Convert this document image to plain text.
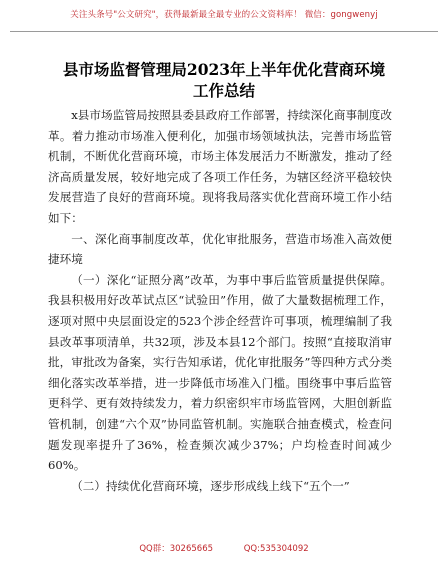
关注头条号"公文研究"，获得最新最全最专业的公文资料库！ 微信：gongwenyj
县市场监督管理局2023年上半年优化营商环境
工作总结

x县市场监管局按照县委县政府工作部署，持续深化商事制度改革。着力推动市场准入便利化，加强市场领域执法，完善市场监管机制，不断优化营商环境，市场主体发展活力不断激发，推动了经济高质量发展，较好地完成了各项工作任务，为辖区经济平稳较快发展营造了良好的营商环境。现将我局落实优化营商环境工作小结如下：

一、深化商事制度改革，优化审批服务，营造市场准入高效便捷环境

（一）深化“证照分离”改革，为事中事后监管质量提供保障。我县积极用好改革试点区“试验田”作用，做了大量数据梳理工作，逐项对照中央层面设定的523个涉企经营许可事项，梳理编制了我县改革事项清单，共32项，涉及本县12个部门。按照“直接取消审批，审批改为备案，实行告知承诺，优化审批服务”等四种方式分类细化落实改革举措，进一步降低市场准入门槛。围绕事中事后监管更科学、更有效持续发力，着力织密织牢市场监管网，大胆创新监管机制，创建“六个双”协同监管机制。实施联合抽查模式，检查问题发现率提升了36%，检查频次减少37%；户均检查时间减少60%。

（二）持续优化营商环境，逐步形成线上线下“五个一”

QQ群：30265665	QQ:535304092
